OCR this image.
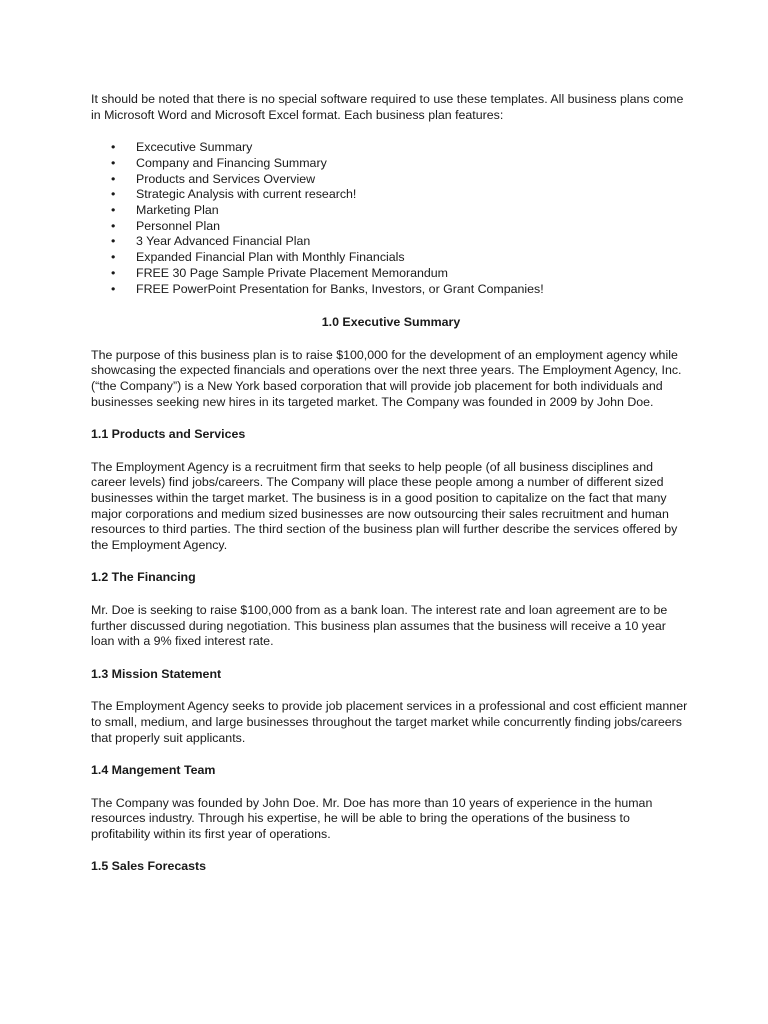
It should be noted that there is no special software required to use these templates. All business plans come in Microsoft Word and Microsoft Excel format. Each business plan features:

• Excecutive Summary
• Company and Financing Summary
• Products and Services Overview
• Strategic Analysis with current research!
• Marketing Plan
• Personnel Plan
• 3 Year Advanced Financial Plan
• Expanded Financial Plan with Monthly Financials
• FREE 30 Page Sample Private Placement Memorandum
• FREE PowerPoint Presentation for Banks, Investors, or Grant Companies!

1.0 Executive Summary

The purpose of this business plan is to raise $100,000 for the development of an employment agency while showcasing the expected financials and operations over the next three years. The Employment Agency, Inc. (“the Company”) is a New York based corporation that will provide job placement for both individuals and businesses seeking new hires in its targeted market. The Company was founded in 2009 by John Doe.

1.1 Products and Services

The Employment Agency is a recruitment firm that seeks to help people (of all business disciplines and career levels) find jobs/careers. The Company will place these people among a number of different sized businesses within the target market. The business is in a good position to capitalize on the fact that many major corporations and medium sized businesses are now outsourcing their sales recruitment and human resources to third parties. The third section of the business plan will further describe the services offered by the Employment Agency.

1.2 The Financing

Mr. Doe is seeking to raise $100,000 from as a bank loan. The interest rate and loan agreement are to be further discussed during negotiation. This business plan assumes that the business will receive a 10 year loan with a 9% fixed interest rate.

1.3 Mission Statement

The Employment Agency seeks to provide job placement services in a professional and cost efficient manner to small, medium, and large businesses throughout the target market while concurrently finding jobs/careers that properly suit applicants.

1.4 Mangement Team

The Company was founded by John Doe. Mr. Doe has more than 10 years of experience in the human resources industry. Through his expertise, he will be able to bring the operations of the business to profitability within its first year of operations.

1.5 Sales Forecasts
